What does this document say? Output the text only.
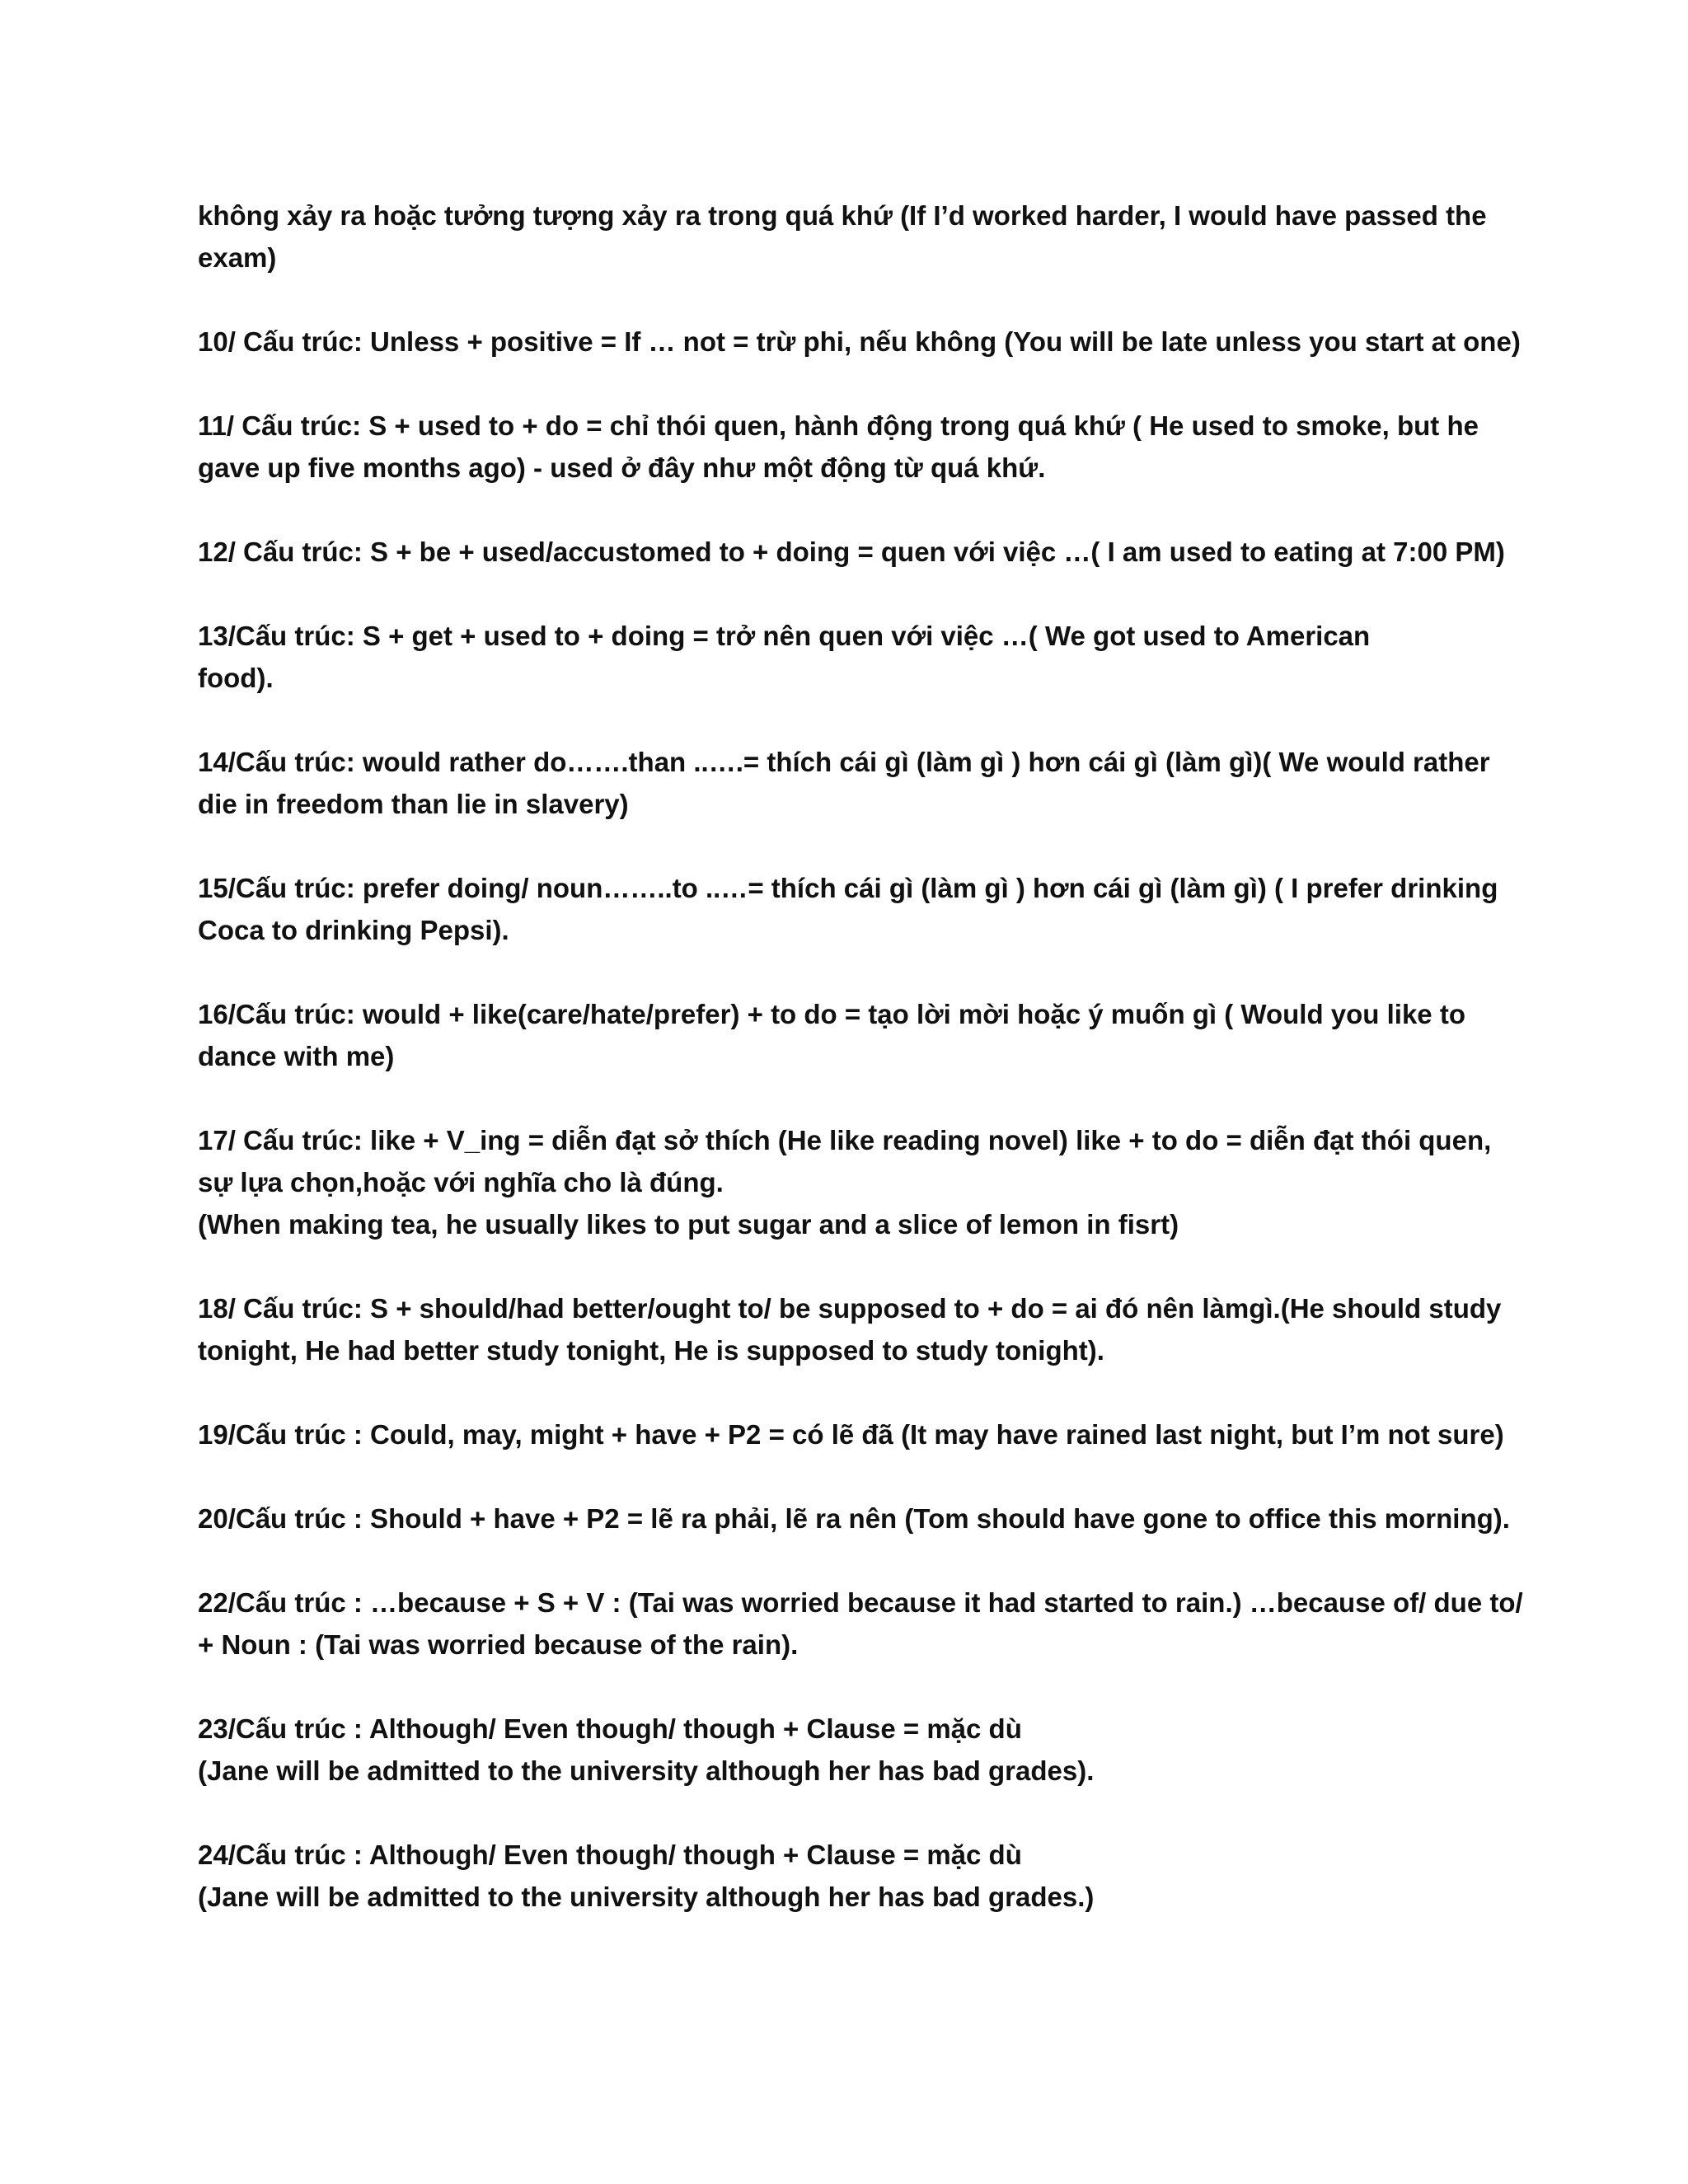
không xảy ra hoặc tưởng tượng xảy ra trong quá khứ (If I’d worked harder, I would have passed the
exam)

10/ Cấu trúc: Unless + positive = If … not = trừ phi, nếu không (You will be late unless you start at one)

11/ Cấu trúc: S + used to + do = chỉ thói quen, hành động trong quá khứ ( He used to smoke, but he
gave up five months ago) - used ở đây như một động từ quá khứ.

12/ Cấu trúc: S + be + used/accustomed to + doing = quen với việc …( I am used to eating at 7:00 PM)

13/Cấu trúc: S + get + used to + doing = trở nên quen với việc …( We got used to American
food).

14/Cấu trúc: would rather do…….than ..….= thích cái gì (làm gì ) hơn cái gì (làm gì)( We would rather
die in freedom than lie in slavery)

15/Cấu trúc: prefer doing/ noun……..to ..…= thích cái gì (làm gì ) hơn cái gì (làm gì) ( I prefer drinking
Coca to drinking Pepsi).

16/Cấu trúc: would + like(care/hate/prefer) + to do = tạo lời mời hoặc ý muốn gì ( Would you like to
dance with me)

17/ Cấu trúc: like + V_ing = diễn đạt sở thích (He like reading novel) like + to do = diễn đạt thói quen,
sự lựa chọn,hoặc với nghĩa cho là đúng.
(When making tea, he usually likes to put sugar and a slice of lemon in fisrt)

18/ Cấu trúc: S + should/had better/ought to/ be supposed to + do = ai đó nên làmgì.(He should study
tonight, He had better study tonight, He is supposed to study tonight).

19/Cấu trúc : Could, may, might + have + P2 = có lẽ đã (It may have rained last night, but I’m not sure)

20/Cấu trúc : Should + have + P2 = lẽ ra phải, lẽ ra nên (Tom should have gone to office this morning).

22/Cấu trúc : …because + S + V : (Tai was worried because it had started to rain.) …because of/ due to/
+ Noun : (Tai was worried because of the rain).

23/Cấu trúc : Although/ Even though/ though + Clause = mặc dù
(Jane will be admitted to the university although her has bad grades).

24/Cấu trúc : Although/ Even though/ though + Clause = mặc dù
(Jane will be admitted to the university although her has bad grades.)
